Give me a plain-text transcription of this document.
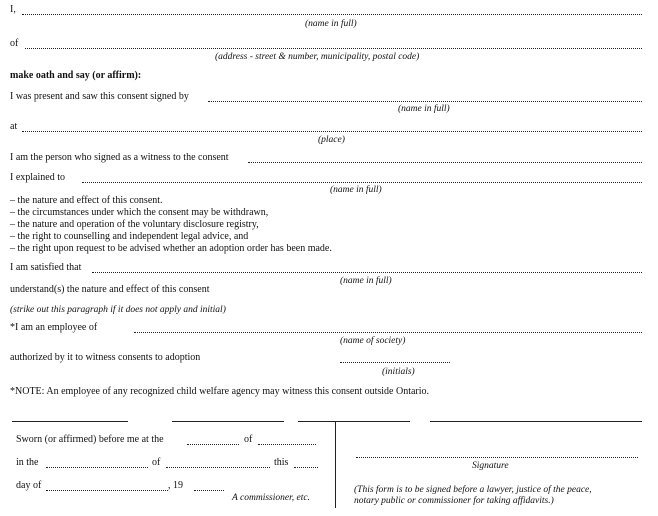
I,
(name in full)
of
(address - street & number, municipality, postal code)
make oath and say (or affirm):
I was present and saw this consent signed by
(name in full)
at
(place)
I am the person who signed as a witness to the consent
I explained to
(name in full)
– the nature and effect of this consent.
– the circumstances under which the consent may be withdrawn,
– the nature and operation of the voluntary disclosure registry,
– the right to counselling and independent legal advice, and
– the right upon request to be advised whether an adoption order has been made.
I am satisfied that
(name in full)
understand(s) the nature and effect of this consent
(strike out this paragraph if it does not apply and initial)
*I am an employee of
(name of society)
authorized by it to witness consents to adoption
(initials)
*NOTE: An employee of any recognized child welfare agency may witness this consent outside Ontario.
Sworn (or affirmed) before me at the	of
in the	of	this
day of	, 19
A commissioner, etc.
Signature
(This form is to be signed before a lawyer, justice of the peace,
notary public or commissioner for taking affidavits.)
